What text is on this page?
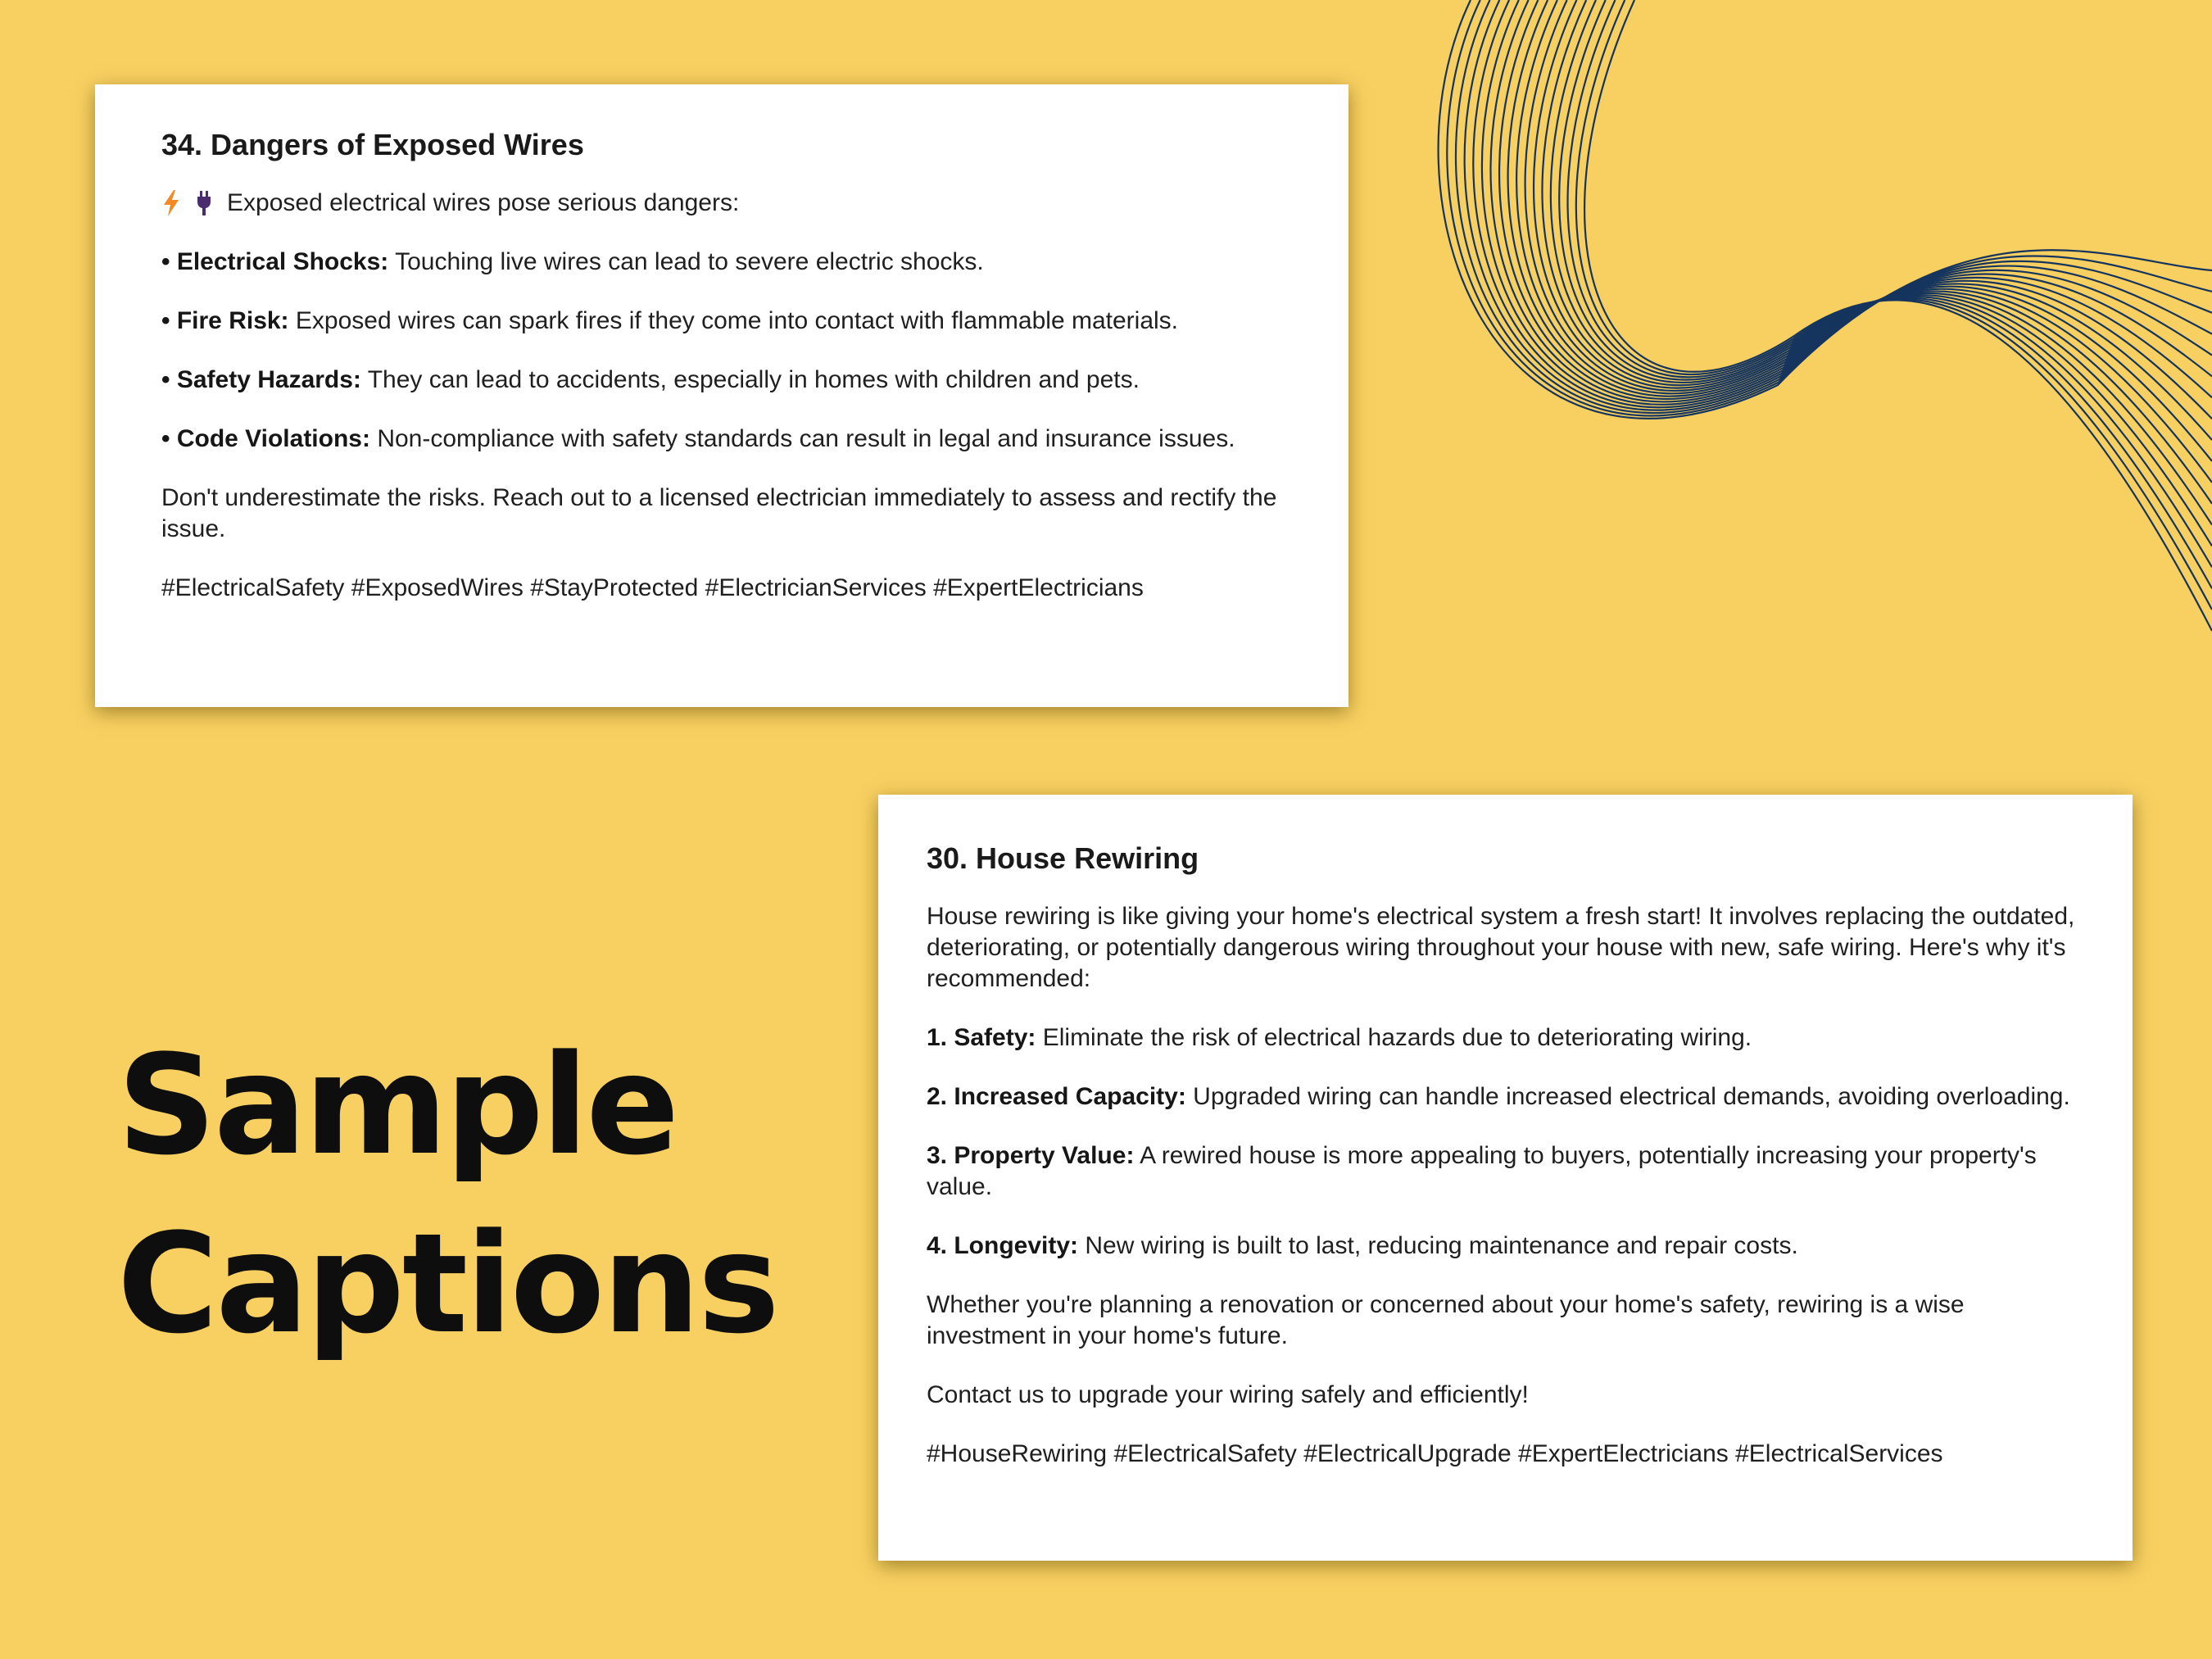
34. Dangers of Exposed Wires

Exposed electrical wires pose serious dangers:

• Electrical Shocks: Touching live wires can lead to severe electric shocks.

• Fire Risk: Exposed wires can spark fires if they come into contact with flammable materials.

• Safety Hazards: They can lead to accidents, especially in homes with children and pets.

• Code Violations: Non-compliance with safety standards can result in legal and insurance issues.

Don't underestimate the risks. Reach out to a licensed electrician immediately to assess and rectify the issue.

#ElectricalSafety #ExposedWires #StayProtected #ElectricianServices #ExpertElectricians

30. House Rewiring

House rewiring is like giving your home's electrical system a fresh start! It involves replacing the outdated, deteriorating, or potentially dangerous wiring throughout your house with new, safe wiring. Here's why it's recommended:

1. Safety: Eliminate the risk of electrical hazards due to deteriorating wiring.

2. Increased Capacity: Upgraded wiring can handle increased electrical demands, avoiding overloading.

3. Property Value: A rewired house is more appealing to buyers, potentially increasing your property's value.

4. Longevity: New wiring is built to last, reducing maintenance and repair costs.

Whether you're planning a renovation or concerned about your home's safety, rewiring is a wise investment in your home's future.

Contact us to upgrade your wiring safely and efficiently!

#HouseRewiring #ElectricalSafety #ElectricalUpgrade #ExpertElectricians #ElectricalServices

Sample
Captions
